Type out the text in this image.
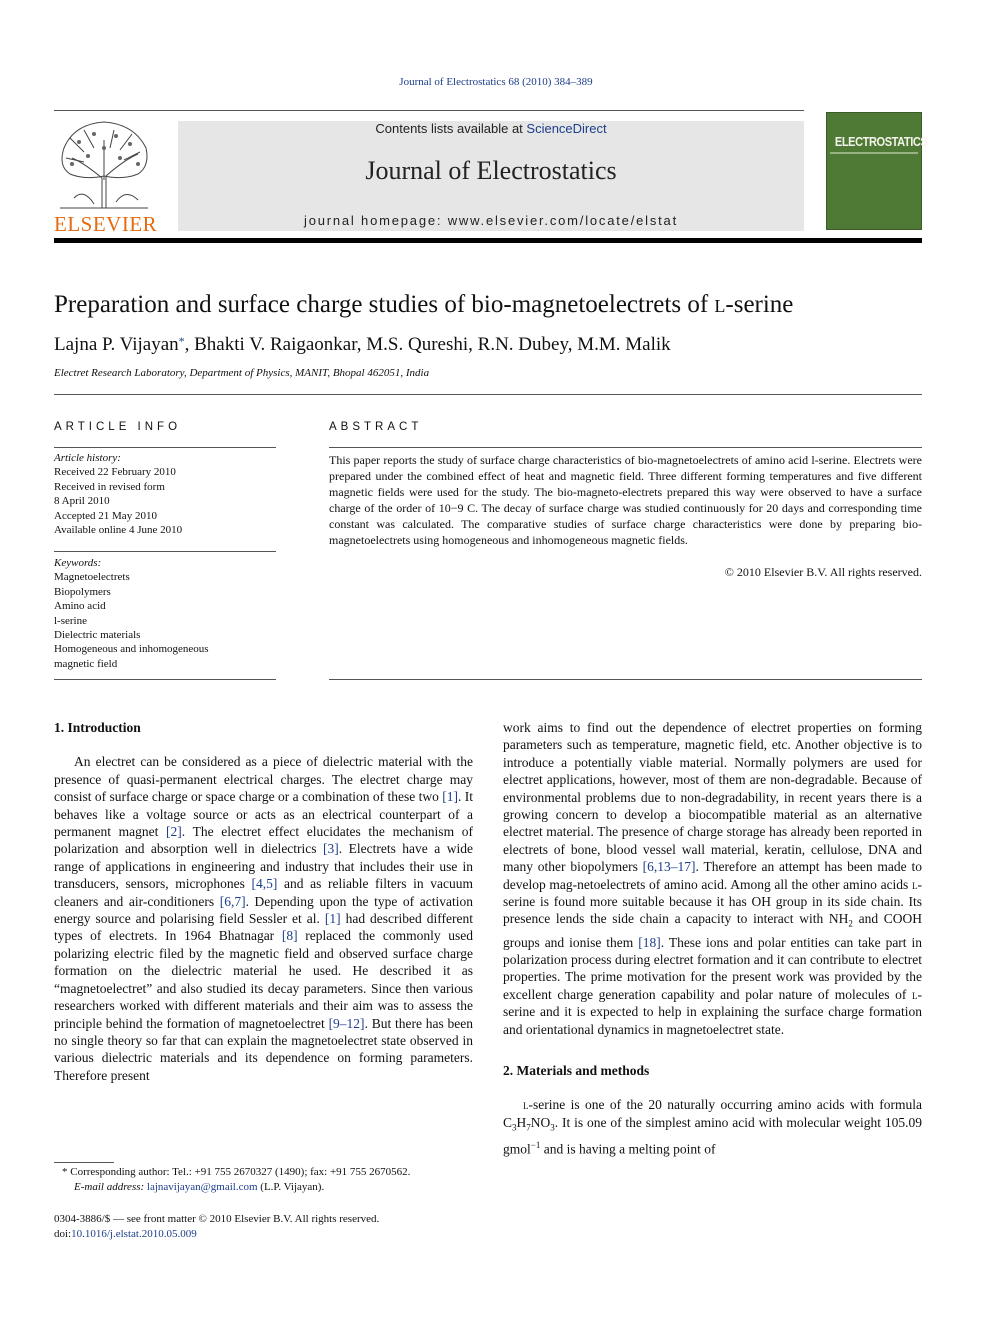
Journal of Electrostatics 68 (2010) 384–389
ELSEVIER
Contents lists available at ScienceDirect
Journal of Electrostatics
journal homepage: www.elsevier.com/locate/elstat
ELECTROSTATICS
Preparation and surface charge studies of bio-magnetoelectrets of l-serine
Lajna P. Vijayan*, Bhakti V. Raigaonkar, M.S. Qureshi, R.N. Dubey, M.M. Malik
Electret Research Laboratory, Department of Physics, MANIT, Bhopal 462051, India
ARTICLE INFO	ABSTRACT
Article history:
Received 22 February 2010
Received in revised form
8 April 2010
Accepted 21 May 2010
Available online 4 June 2010
Keywords:
Magnetoelectrets
Biopolymers
Amino acid
l-serine
Dielectric materials
Homogeneous and inhomogeneous
magnetic field
This paper reports the study of surface charge characteristics of bio-magnetoelectrets of amino acid l-serine. Electrets were prepared under the combined effect of heat and magnetic field. Three different forming temperatures and five different magnetic fields were used for the study. The bio-magneto-electrets prepared this way were observed to have a surface charge of the order of 10−9 C. The decay of surface charge was studied continuously for 20 days and corresponding time constant was calculated. The comparative studies of surface charge characteristics were done by preparing bio-magnetoelectrets using homogeneous and inhomogeneous magnetic fields.
© 2010 Elsevier B.V. All rights reserved.
1. Introduction

An electret can be considered as a piece of dielectric material with the presence of quasi-permanent electrical charges. The electret charge may consist of surface charge or space charge or a combination of these two [1]. It behaves like a voltage source or acts as an electrical counterpart of a permanent magnet [2]. The electret effect elucidates the mechanism of polarization and absorption well in dielectrics [3]. Electrets have a wide range of applications in engineering and industry that includes their use in transducers, sensors, microphones [4,5] and as reliable filters in vacuum cleaners and air-conditioners [6,7]. Depending upon the type of activation energy source and polarising field Sessler et al. [1] had described different types of electrets. In 1964 Bhatnagar [8] replaced the commonly used polarizing electric filed by the magnetic field and observed surface charge formation on the dielectric material he used. He described it as “magnetoelectret” and also studied its decay parameters. Since then various researchers worked with different materials and their aim was to assess the principle behind the formation of magnetoelectret [9–12]. But there has been no single theory so far that can explain the magnetoelectret state observed in various dielectric materials and its dependence on forming parameters. Therefore present

work aims to find out the dependence of electret properties on forming parameters such as temperature, magnetic field, etc. Another objective is to introduce a potentially viable material. Normally polymers are used for electret applications, however, most of them are non-degradable. Because of environmental problems due to non-degradability, in recent years there is a growing concern to develop a biocompatible material as an alternative electret material. The presence of charge storage has already been reported in electrets of bone, blood vessel wall material, keratin, cellulose, DNA and many other biopolymers [6,13–17]. Therefore an attempt has been made to develop mag-netoelectrets of amino acid. Among all the other amino acids l-serine is found more suitable because it has OH group in its side chain. Its presence lends the side chain a capacity to interact with $NH_2$ and COOH groups and ionise them [18]. These ions and polar entities can take part in polarization process during electret formation and it can contribute to electret properties. The prime motivation for the present work was provided by the excellent charge generation capability and polar nature of molecules of l-serine and it is expected to help in explaining the surface charge formation and orientational dynamics in magnetoelectret state.

2. Materials and methods

l-serine is one of the 20 naturally occurring amino acids with formula $C_3H_7NO_3$. It is one of the simplest amino acid with molecular weight 105.09 gmol$^{-1}$ and is having a melting point of

* Corresponding author: Tel.: +91 755 2670327 (1490); fax: +91 755 2670562.
E-mail address: lajnavijayan@gmail.com (L.P. Vijayan).
0304-3886/$ — see front matter © 2010 Elsevier B.V. All rights reserved.
doi:10.1016/j.elstat.2010.05.009
